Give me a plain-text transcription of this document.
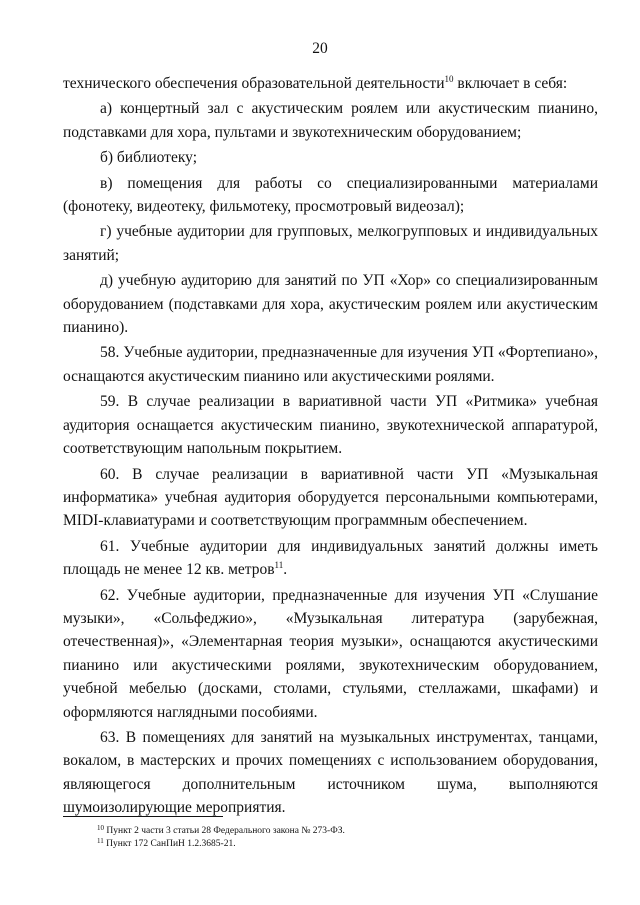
20

технического обеспечения образовательной деятельности$^{10}$ включает в себя:

а) концертный зал с акустическим роялем или акустическим пианино, подставками для хора, пультами и звукотехническим оборудованием;

б) библиотеку;

в) помещения для работы со специализированными материалами (фонотеку, видеотеку, фильмотеку, просмотровый видеозал);

г) учебные аудитории для групповых, мелкогрупповых и индивидуальных занятий;

д) учебную аудиторию для занятий по УП «Хор» со специализированным оборудованием (подставками для хора, акустическим роялем или акустическим пианино).

58. Учебные аудитории, предназначенные для изучения УП «Фортепиано», оснащаются акустическим пианино или акустическими роялями.

59. В случае реализации в вариативной части УП «Ритмика» учебная аудитория оснащается акустическим пианино, звукотехнической аппаратурой, соответствующим напольным покрытием.

60. В случае реализации в вариативной части УП «Музыкальная информатика» учебная аудитория оборудуется персональными компьютерами, MIDI-клавиатурами и соответствующим программным обеспечением.

61. Учебные аудитории для индивидуальных занятий должны иметь площадь не менее 12 кв. метров$^{11}$.

62. Учебные аудитории, предназначенные для изучения УП «Слушание музыки», «Сольфеджио», «Музыкальная литература (зарубежная, отечественная)», «Элементарная теория музыки», оснащаются акустическими пианино или акустическими роялями, звукотехническим оборудованием, учебной мебелью (досками, столами, стульями, стеллажами, шкафами) и оформляются наглядными пособиями.

63. В помещениях для занятий на музыкальных инструментах, танцами, вокалом, в мастерских и прочих помещениях с использованием оборудования, являющегося дополнительным источником шума, выполняются шумоизолирующие мероприятия.

$^{10}$ Пункт 2 части 3 статьи 28 Федерального закона № 273-ФЗ.

$^{11}$ Пункт 172 СанПиН 1.2.3685-21.
